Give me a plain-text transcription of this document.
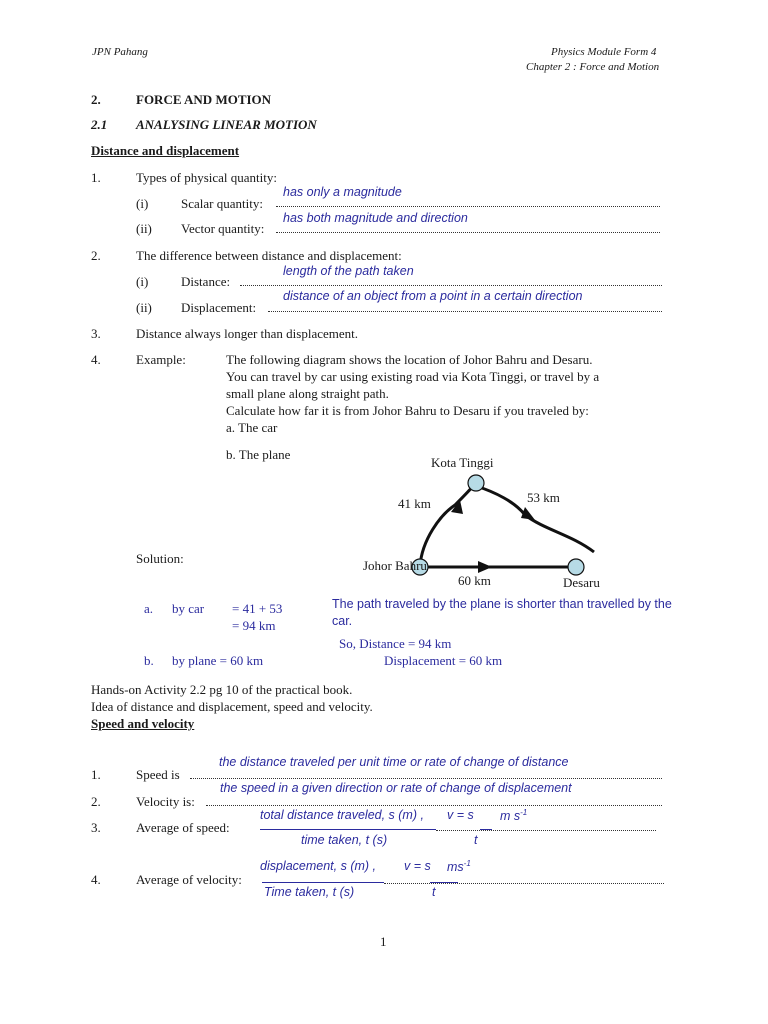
JPN Pahang	Physics Module Form 4
Chapter 2 : Force and Motion
2.	FORCE AND MOTION
2.1 ANALYSING LINEAR MOTION
Distance and displacement
1.	Types of physical quantity:
(i)	Scalar quantity:
has only a magnitude
(ii) Vector quantity:
has both magnitude and direction
2.	The difference between distance and displacement:
(i)	Distance:
length of the path taken
(ii) Displacement:
distance of an object from a point in a certain direction
3.	Distance always longer than displacement.
4.	Example:	The following diagram shows the location of Johor Bahru and Desaru.
You can travel by car using existing road via Kota Tinggi, or travel by a
small plane along straight path.
Calculate how far it is from Johor Bahru to Desaru if you traveled by:
a. The car
b. The plane
Kota Tinggi
41 km	53 km
Johor Bahru
60 km	Desaru
Solution:
a. by car = 41 + 53
= 94 km
b. by plane = 60 km
The path traveled by the plane is shorter than travelled by the
car.
So, Distance = 94 km
Displacement = 60 km
Hands-on Activity 2.2 pg 10 of the practical book.
Idea of distance and displacement, speed and velocity.
Speed and velocity
1.	Speed is
the distance traveled per unit time or rate of change of distance
2.	Velocity is:
the speed in a given direction or rate of change of displacement
3.	Average of speed:
total distance traveled, s (m) , v = s m $s^{-1}$
time taken, t (s)	t
4.	Average of velocity:
displacement, s (m) , v = s $ms^{-1}$
Time taken, t (s)	t
1
